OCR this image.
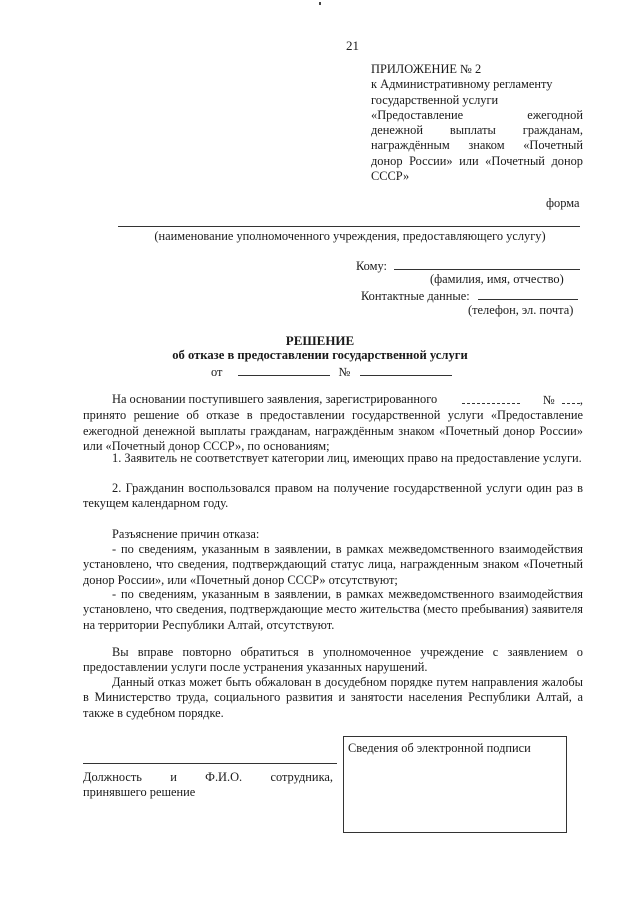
21
ПРИЛОЖЕНИЕ № 2
к Административному регламенту
государственной услуги
«Предоставление ежегодной
денежной выплаты гражданам,
награждённым знаком «Почетный
донор России» или «Почетный донор
СССР»
форма
(наименование уполномоченного учреждения, предоставляющего услугу)
Кому:
(фамилия, имя, отчество)
Контактные данные:
(телефон, эл. почта)
РЕШЕНИЕ
об отказе в предоставлении государственной услуги
от	№
На основании поступившего заявления, зарегистрированного	№ ,

принято решение об отказе в предоставлении государственной услуги «Предоставление ежегодной денежной выплаты гражданам, награждённым знаком «Почетный донор России» или «Почетный донор СССР», по основаниям;

1. Заявитель не соответствует категории лиц, имеющих право на предоставление услуги.

2. Гражданин воспользовался правом на получение государственной услуги один раз в текущем календарном году.

Разъяснение причин отказа:

- по сведениям, указанным в заявлении, в рамках межведомственного взаимодействия установлено, что сведения, подтверждающий статус лица, награжденным знаком «Почетный донор России», или «Почетный донор СССР» отсутствуют;

- по сведениям, указанным в заявлении, в рамках межведомственного взаимодействия установлено, что сведения, подтверждающие место жительства (место пребывания) заявителя на территории Республики Алтай, отсутствуют.

Вы вправе повторно обратиться в уполномоченное учреждение с заявлением о предоставлении услуги после устранения указанных нарушений.

Данный отказ может быть обжалован в досудебном порядке путем направления жалобы в Министерство труда, социального развития и занятости населения Республики Алтай, а также в судебном порядке.

Сведения об электронной подписи
Должность и Ф.И.О. сотрудника,
принявшего решение
